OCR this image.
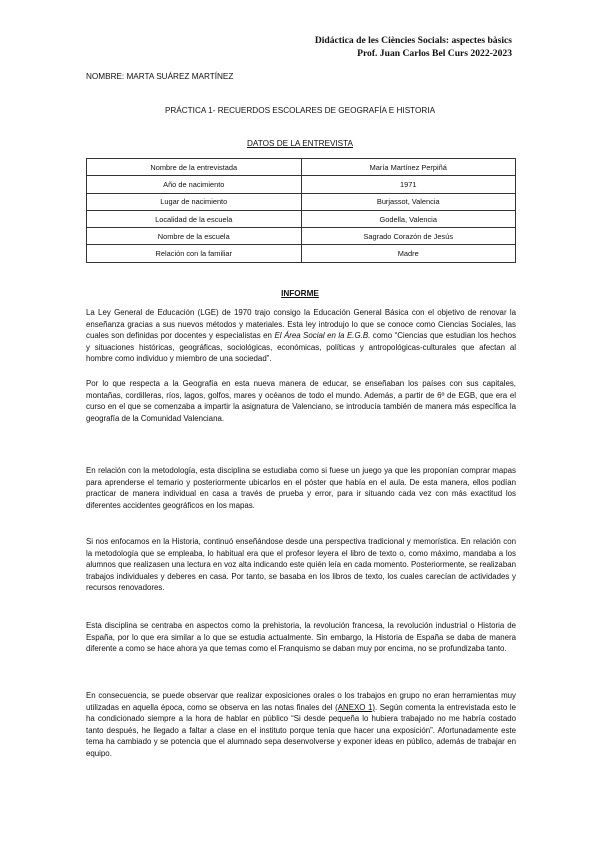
Didáctica de les Ciències Socials: aspectes bàsics
Prof. Juan Carlos Bel Curs 2022-2023
NOMBRE: MARTA SUÁREZ MARTÍNEZ
PRÁCTICA 1- RECUERDOS ESCOLARES DE GEOGRAFÍA E HISTORIA
DATOS DE LA ENTREVISTA
Nombre de la entrevistada	María Martínez Perpiñá
Año de nacimiento	1971
Lugar de nacimiento	Burjassot, Valencia
Localidad de la escuela	Godella, Valencia
Nombre de la escuela	Sagrado Corazón de Jesús
Relación con la familiar	Madre
INFORME

La Ley General de Educación (LGE) de 1970 trajo consigo la Educación General Básica con el objetivo de renovar la enseñanza gracias a sus nuevos métodos y materiales. Esta ley introdujo lo que se conoce como Ciencias Sociales, las cuales son definidas por docentes y especialistas en El Área Social en la E.G.B. como “Ciencias que estudian los hechos y situaciones históricas, geográficas, sociológicas, económicas, políticas y antropológicas-culturales que afectan al hombre como individuo y miembro de una sociedad”.

Por lo que respecta a la Geografía en esta nueva manera de educar, se enseñaban los países con sus capitales, montañas, cordilleras, ríos, lagos, golfos, mares y océanos de todo el mundo. Además, a partir de 6º de EGB, que era el curso en el que se comenzaba a impartir la asignatura de Valenciano, se introducía también de manera más específica la geografía de la Comunidad Valenciana.

En relación con la metodología, esta disciplina se estudiaba como si fuese un juego ya que les proponían comprar mapas para aprenderse el temario y posteriormente ubicarlos en el póster que había en el aula. De esta manera, ellos podían practicar de manera individual en casa a través de prueba y error, para ir situando cada vez con más exactitud los diferentes accidentes geográficos en los mapas.

Si nos enfocamos en la Historia, continuó enseñándose desde una perspectiva tradicional y memorística. En relación con la metodología que se empleaba, lo habitual era que el profesor leyera el libro de texto o, como máximo, mandaba a los alumnos que realizasen una lectura en voz alta indicando este quién leía en cada momento. Posteriormente, se realizaban trabajos individuales y deberes en casa. Por tanto, se basaba en los libros de texto, los cuales carecían de actividades y recursos renovadores.

Esta disciplina se centraba en aspectos como la prehistoria, la revolución francesa, la revolución industrial o Historia de España, por lo que era similar a lo que se estudia actualmente. Sin embargo, la Historia de España se daba de manera diferente a como se hace ahora ya que temas como el Franquismo se daban muy por encima, no se profundizaba tanto.

En consecuencia, se puede observar que realizar exposiciones orales o los trabajos en grupo no eran herramientas muy utilizadas en aquella época, como se observa en las notas finales del (ANEXO 1). Según comenta la entrevistada esto le ha condicionado siempre a la hora de hablar en público “Si desde pequeña lo hubiera trabajado no me habría costado tanto después, he llegado a faltar a clase en el instituto porque tenía que hacer una exposición”. Afortunadamente este tema ha cambiado y se potencia que el alumnado sepa desenvolverse y exponer ideas en público, además de trabajar en equipo.
